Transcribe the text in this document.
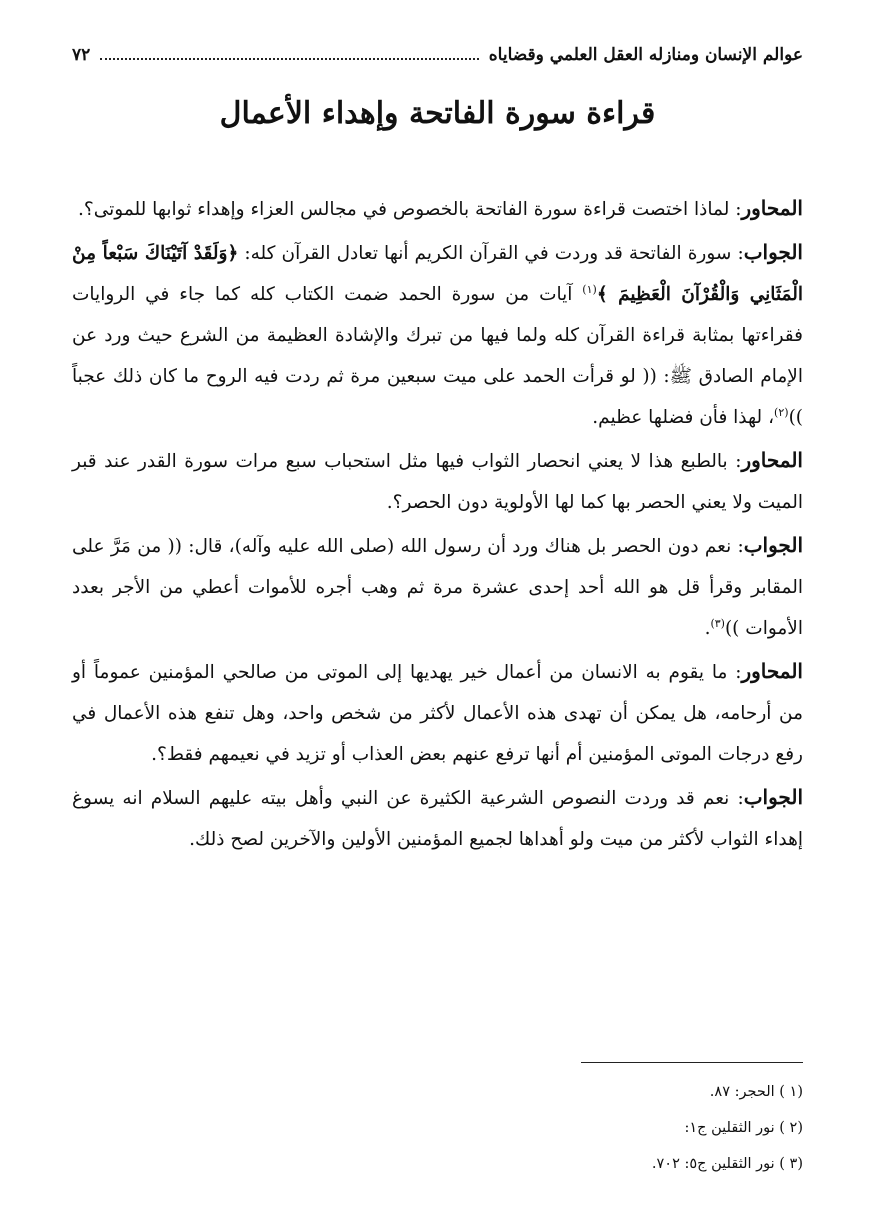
عوالم الإنسان ومنازله العقل العلمي وقضاياه
٧٢
قراءة سورة الفاتحة وإهداء الأعمال

المحاور: لماذا اختصت قراءة سورة الفاتحة بالخصوص في مجالس العزاء وإهداء ثوابها للموتى؟.

الجواب: سورة الفاتحة قد وردت في القرآن الكريم أنها تعادل القرآن كله: ﴿وَلَقَدْ آتَيْنَاكَ سَبْعاً مِنْ الْمَثَانِي وَالْقُرْآنَ الْعَظِيمَ ﴾$^{(١)}$ آيات من سورة الحمد ضمت الكتاب كله كما جاء في الروايات فقراءتها بمثابة قراءة القرآن كله ولما فيها من تبرك والإشادة العظيمة من الشرع حيث ورد عن الإمام الصادق ﷺ: (( لو قرأت الحمد على ميت سبعين مرة ثم ردت فيه الروح ما كان ذلك عجباً ))$^{(٢)}$، لهذا فأن فضلها عظيم.

المحاور: بالطبع هذا لا يعني انحصار الثواب فيها مثل استحباب سبع مرات سورة القدر عند قبر الميت ولا يعني الحصر بها كما لها الأولوية دون الحصر؟.

الجواب: نعم دون الحصر بل هناك ورد أن رسول الله (صلى الله عليه وآله)، قال: (( من مَرَّ على المقابر وقرأ قل هو الله أحد إحدى عشرة مرة ثم وهب أجره للأموات أعطي من الأجر بعدد الأموات ))$^{(٣)}$.

المحاور: ما يقوم به الانسان من أعمال خير يهديها إلى الموتى من صالحي المؤمنين عموماً أو من أرحامه، هل يمكن أن تهدى هذه الأعمال لأكثر من شخص واحد، وهل تنفع هذه الأعمال في رفع درجات الموتى المؤمنين أم أنها ترفع عنهم بعض العذاب أو تزيد في نعيمهم فقط؟.

الجواب: نعم قد وردت النصوص الشرعية الكثيرة عن النبي وأهل بيته عليهم السلام انه يسوغ إهداء الثواب لأكثر من ميت ولو أهداها لجميع المؤمنين الأولين والآخرين لصح ذلك.

(١ ) الحجر: ٨٧.
(٢ ) نور الثقلين ج١:
(٣ ) نور الثقلين ج٥: ٧٠٢.
